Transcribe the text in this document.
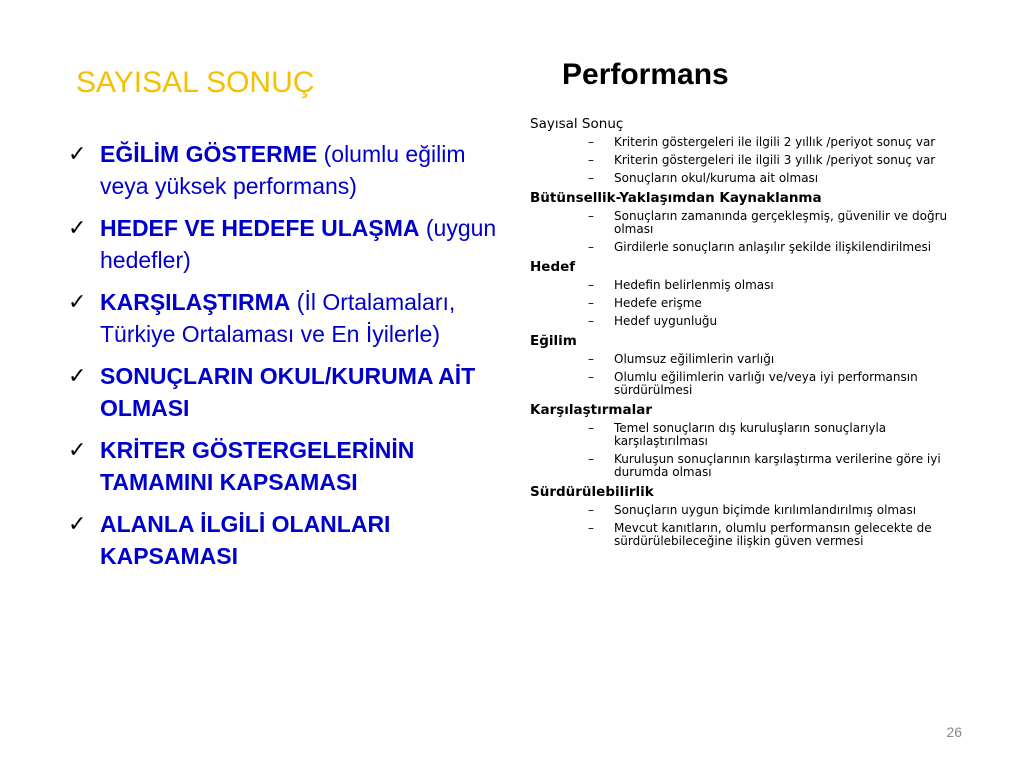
SAYISAL SONUÇ	Performans
✓ EĞİLİM GÖSTERME (olumlu eğilim veya yüksek performans)
✓ HEDEF VE HEDEFE ULAŞMA (uygun hedefler)
✓ KARŞILAŞTIRMA (İl Ortalamaları, Türkiye Ortalaması ve En İyilerle)
✓ SONUÇLARIN OKUL/KURUMA AİT OLMASI
✓ KRİTER GÖSTERGELERİNİN TAMAMINI KAPSAMASI
✓ ALANLA İLGİLİ OLANLARI KAPSAMASI
Sayısal Sonuç
– Kriterin göstergeleri ile ilgili 2 yıllık /periyot sonuç var
– Kriterin göstergeleri ile ilgili 3 yıllık /periyot sonuç var
– Sonuçların okul/kuruma ait olması
Bütünsellik-Yaklaşımdan Kaynaklanma
– Sonuçların zamanında gerçekleşmiş, güvenilir ve doğru olması
– Girdilerle sonuçların anlaşılır şekilde ilişkilendirilmesi
Hedef
– Hedefin belirlenmiş olması
– Hedefe erişme
– Hedef uygunluğu
Eğilim
– Olumsuz eğilimlerin varlığı
– Olumlu eğilimlerin varlığı ve/veya iyi performansın sürdürülmesi
Karşılaştırmalar
– Temel sonuçların dış kuruluşların sonuçlarıyla karşılaştırılması
– Kuruluşun sonuçlarının karşılaştırma verilerine göre iyi durumda olması
Sürdürülebilirlik
– Sonuçların uygun biçimde kırılımlandırılmış olması
– Mevcut kanıtların, olumlu performansın gelecekte de sürdürülebileceğine ilişkin güven vermesi
26
